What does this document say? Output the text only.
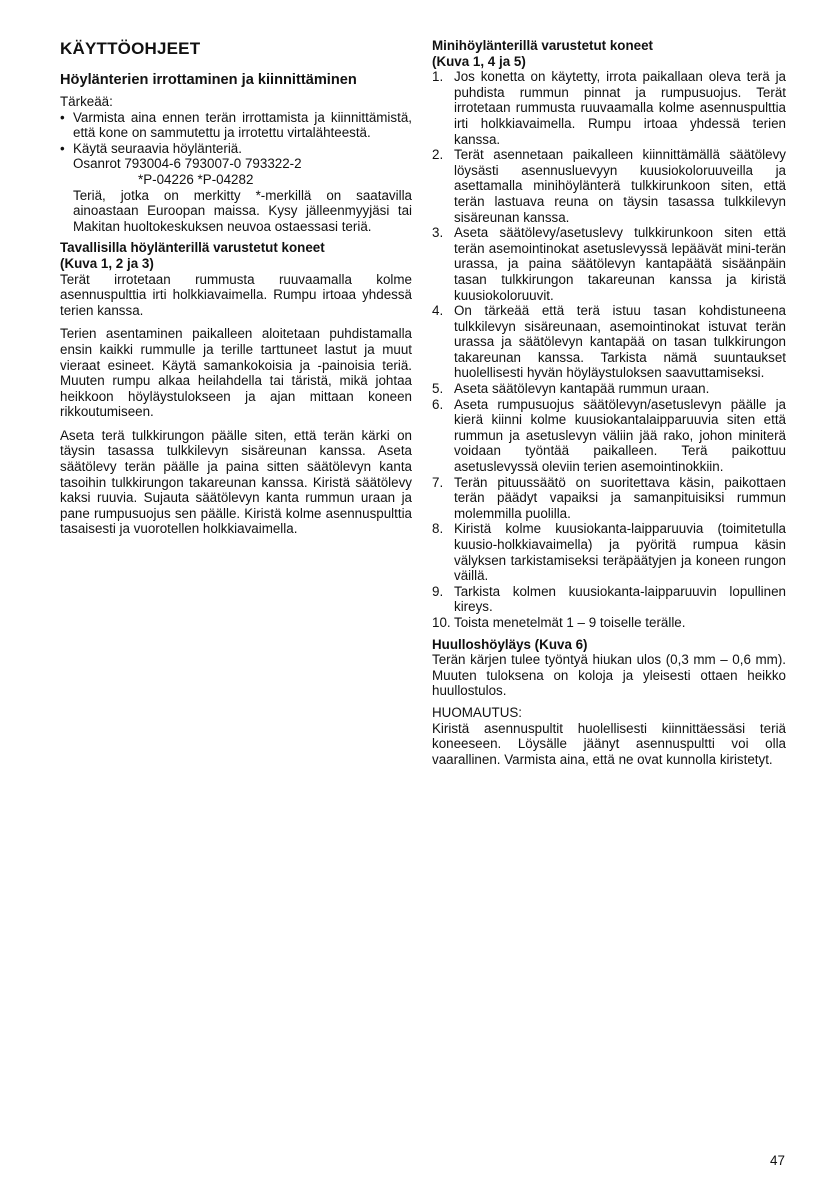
KÄYTTÖOHJEET
Höylänterien irrottaminen ja kiinnittäminen

Tärkeää:

• Varmista aina ennen terän irrottamista ja kiinnittämistä, että kone on sammutettu ja irrotettu virtalähteestä.
• Käytä seuraavia höylänteriä.
Osanrot 793004-6 793007-0 793322-2
*P-04226 *P-04282

Teriä, jotka on merkitty *-merkillä on saatavilla ainoastaan Euroopan maissa. Kysy jälleenmyyjäsi tai Makitan huoltokeskuksen neuvoa ostaessasi teriä.

Tavallisilla höylänterillä varustetut koneet
(Kuva 1, 2 ja 3)

Terät irrotetaan rummusta ruuvaamalla kolme asennuspulttia irti holkkiavaimella. Rumpu irtoaa yhdessä terien kanssa.

Terien asentaminen paikalleen aloitetaan puhdistamalla ensin kaikki rummulle ja terille tarttuneet lastut ja muut vieraat esineet. Käytä samankokoisia ja -painoisia teriä. Muuten rumpu alkaa heilahdella tai täristä, mikä johtaa heikkoon höyläystulokseen ja ajan mittaan koneen rikkoutumiseen.

Aseta terä tulkkirungon päälle siten, että terän kärki on täysin tasassa tulkkilevyn sisäreunan kanssa. Aseta säätölevy terän päälle ja paina sitten säätölevyn kanta tasoihin tulkkirungon takareunan kanssa. Kiristä säätölevy kaksi ruuvia. Sujauta säätölevyn kanta rummun uraan ja pane rumpusuojus sen päälle. Kiristä kolme asennuspulttia tasaisesti ja vuorotellen holkkiavaimella.

Minihöylänterillä varustetut koneet
(Kuva 1, 4 ja 5)
1. Jos konetta on käytetty, irrota paikallaan oleva terä ja puhdista rummun pinnat ja rumpusuojus. Terät irrotetaan rummusta ruuvaamalla kolme asennuspulttia irti holkkiavaimella. Rumpu irtoaa yhdessä terien kanssa.
2. Terät asennetaan paikalleen kiinnittämällä säätölevy löysästi asennusluevyyn kuusiokoloruuveilla ja asettamalla minihöylänterä tulkkirunkoon siten, että terän lastuava reuna on täysin tasassa tulkkilevyn sisäreunan kanssa.
3. Aseta säätölevy/asetuslevy tulkkirunkoon siten että terän asemointinokat asetuslevyssä lepäävät mini-terän urassa, ja paina säätölevyn kantapäätä sisäänpäin tasan tulkkirungon takareunan kanssa ja kiristä kuusiokoloruuvit.
4. On tärkeää että terä istuu tasan kohdistuneena tulkkilevyn sisäreunaan, asemointinokat istuvat terän urassa ja säätölevyn kantapää on tasan tulkkirungon takareunan kanssa. Tarkista nämä suuntaukset huolellisesti hyvän höyläystuloksen saavuttamiseksi.
5. Aseta säätölevyn kantapää rummun uraan.
6. Aseta rumpusuojus säätölevyn/asetuslevyn päälle ja kierä kiinni kolme kuusiokantalaipparuuvia siten että rummun ja asetuslevyn väliin jää rako, johon miniterä voidaan työntää paikalleen. Terä paikottuu asetuslevyssä oleviin terien asemointinokkiin.
7. Terän pituussäätö on suoritettava käsin, paikottaen terän päädyt vapaiksi ja samanpituisiksi rummun molemmilla puolilla.
8. Kiristä kolme kuusiokanta-laipparuuvia (toimitetulla kuusio-holkkiavaimella) ja pyöritä rumpua käsin välyksen tarkistamiseksi teräpäätyjen ja koneen rungon väillä.
9. Tarkista kolmen kuusiokanta-laipparuuvin lopullinen kireys.
10. Toista menetelmät 1 – 9 toiselle terälle.
Huulloshöyläys (Kuva 6)

Terän kärjen tulee työntyä hiukan ulos (0,3 mm – 0,6 mm). Muuten tuloksena on koloja ja yleisesti ottaen heikko huullostulos.

HUOMAUTUS:

Kiristä asennuspultit huolellisesti kiinnittäessäsi teriä koneeseen. Löysälle jäänyt asennuspultti voi olla vaarallinen. Varmista aina, että ne ovat kunnolla kiristetyt.

47
